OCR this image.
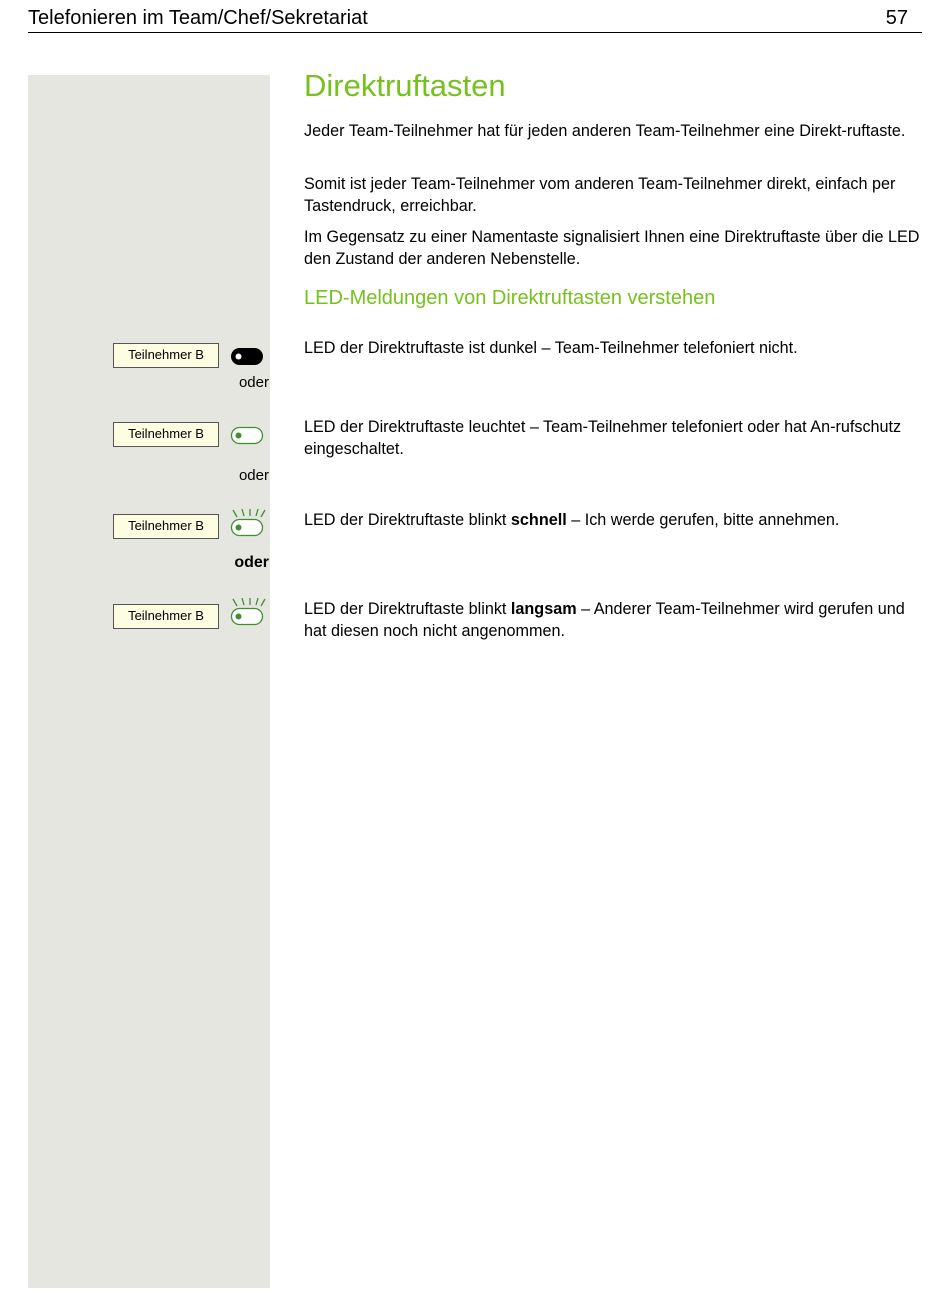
Telefonieren im Team/Chef/Sekretariat	57
Direktruftasten

Jeder Team-Teilnehmer hat für jeden anderen Team-Teilnehmer eine Direkt-ruftaste.

Somit ist jeder Team-Teilnehmer vom anderen Team-Teilnehmer direkt, einfach per Tastendruck, erreichbar.

Im Gegensatz zu einer Namentaste signalisiert Ihnen eine Direktruftaste über die LED den Zustand der anderen Nebenstelle.

LED-Meldungen von Direktruftasten verstehen
Teilnehmer B	LED der Direktruftaste ist dunkel – Team-Teilnehmer telefoniert nicht.

oder
Teilnehmer B	LED der Direktruftaste leuchtet – Team-Teilnehmer telefoniert oder hat An-rufschutz eingeschaltet.

oder
Teilnehmer B	LED der Direktruftaste blinkt schnell – Ich werde gerufen, bitte annehmen.

oder
Teilnehmer B	LED der Direktruftaste blinkt langsam – Anderer Team-Teilnehmer wird gerufen und hat diesen noch nicht angenommen.
